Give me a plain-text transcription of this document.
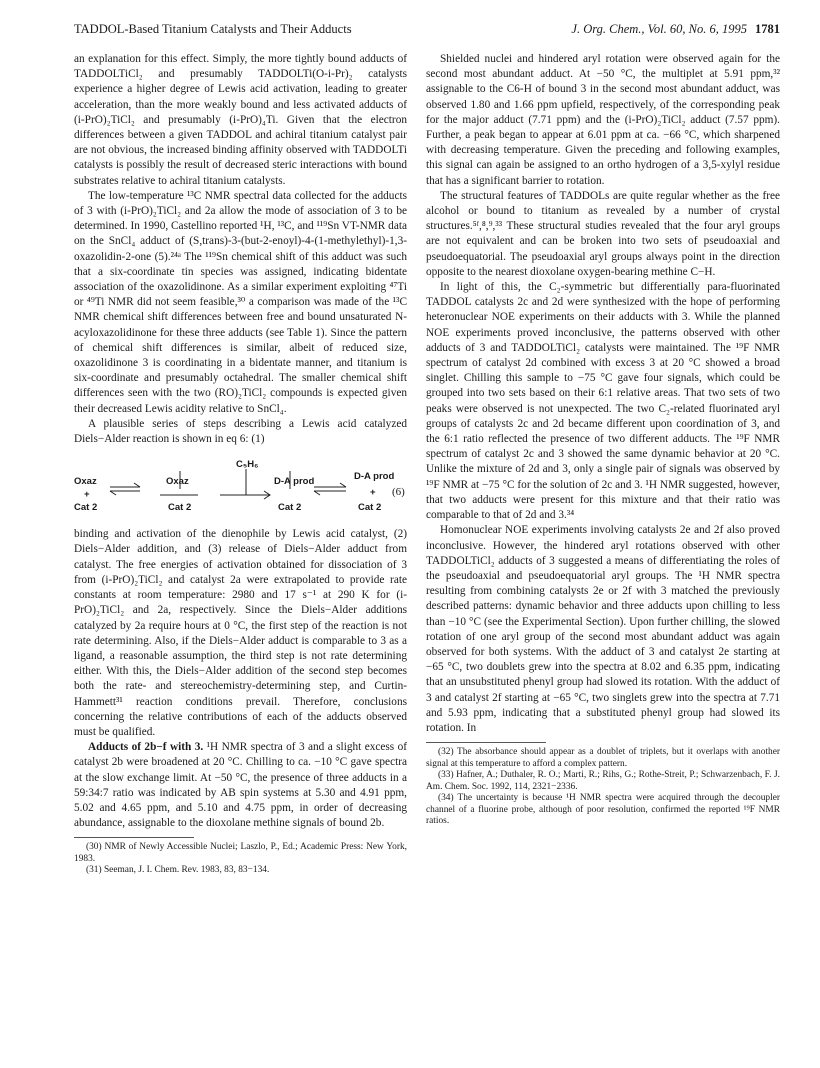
TADDOL-Based Titanium Catalysts and Their Adducts	J. Org. Chem., Vol. 60, No. 6, 1995 1781

an explanation for this effect. Simply, the more tightly bound adducts of TADDOLTiCl₂ and presumably TADDOLTi(O-i-Pr)₂ catalysts experience a higher degree of Lewis acid activation, leading to greater acceleration, than the more weakly bound and less activated adducts of (i-PrO)₂TiCl₂ and presumably (i-PrO)₄Ti. Given that the electron differences between a given TADDOL and achiral titanium catalyst pair are not obvious, the increased binding affinity observed with TADDOLTi catalysts is possibly the result of decreased steric interactions with bound substrates relative to achiral titanium catalysts.

The low-temperature ¹³C NMR spectral data collected for the adducts of 3 with (i-PrO)₂TiCl₂ and 2a allow the mode of association of 3 to be determined. In 1990, Castellino reported ¹H, ¹³C, and ¹¹⁹Sn VT-NMR data on the SnCl₄ adduct of (S,trans)-3-(but-2-enoyl)-4-(1-methylethyl)-1,3-oxazolidin-2-one (5).²⁴ᵃ The ¹¹⁹Sn chemical shift of this adduct was such that a six-coordinate tin species was assigned, indicating bidentate association of the oxazolidinone. As a similar experiment exploiting ⁴⁷Ti or ⁴⁹Ti NMR did not seem feasible,³⁰ a comparison was made of the ¹³C NMR chemical shift differences between free and bound unsaturated N-acyloxazolidinone for these three adducts (see Table 1). Since the pattern of chemical shift differences is similar, albeit of reduced size, oxazolidinone 3 is coordinating in a bidentate manner, and titanium is six-coordinate and presumably octahedral. The smaller chemical shift differences seen with the two (RO)₂TiCl₂ compounds is expected given their decreased Lewis acidity relative to SnCl₄.

A plausible series of steps describing a Lewis acid catalyzed Diels−Alder reaction is shown in eq 6: (1)

Oxaz
+
Cat 2
Oxaz
Cat 2
C₅H₆
D-A prod
Cat 2
D-A prod
+
Cat 2
(6)

binding and activation of the dienophile by Lewis acid catalyst, (2) Diels−Alder addition, and (3) release of Diels−Alder adduct from catalyst. The free energies of activation obtained for dissociation of 3 from (i-PrO)₂TiCl₂ and catalyst 2a were extrapolated to provide rate constants at room temperature: 2980 and 17 s⁻¹ at 290 K for (i-PrO)₂TiCl₂ and 2a, respectively. Since the Diels−Alder additions catalyzed by 2a require hours at 0 °C, the first step of the reaction is not rate determining. Also, if the Diels−Alder adduct is comparable to 3 as a ligand, a reasonable assumption, the third step is not rate determining either. With this, the Diels−Alder addition of the second step becomes both the rate- and stereochemistry-determining step, and Curtin-Hammett³¹ reaction conditions prevail. Therefore, conclusions concerning the relative contributions of each of the adducts observed must be qualified.

Adducts of 2b−f with 3. ¹H NMR spectra of 3 and a slight excess of catalyst 2b were broadened at 20 °C. Chilling to ca. −10 °C gave spectra at the slow exchange limit. At −50 °C, the presence of three adducts in a 59:34:7 ratio was indicated by AB spin systems at 5.30 and 4.91 ppm, 5.02 and 4.65 ppm, and 5.10 and 4.75 ppm, in order of decreasing abundance, assignable to the dioxolane methine signals of bound 2b.

(30) NMR of Newly Accessible Nuclei; Laszlo, P., Ed.; Academic Press: New York, 1983.

(31) Seeman, J. I. Chem. Rev. 1983, 83, 83−134.

Shielded nuclei and hindered aryl rotation were observed again for the second most abundant adduct. At −50 °C, the multiplet at 5.91 ppm,³² assignable to the C6-H of bound 3 in the second most abundant adduct, was observed 1.80 and 1.66 ppm upfield, respectively, of the corresponding peak for the major adduct (7.71 ppm) and the (i-PrO)₂TiCl₂ adduct (7.57 ppm). Further, a peak began to appear at 6.01 ppm at ca. −66 °C, which sharpened with decreasing temperature. Given the preceding and following examples, this signal can again be assigned to an ortho hydrogen of a 3,5-xylyl residue that has a significant barrier to rotation.

The structural features of TADDOLs are quite regular whether as the free alcohol or bound to titanium as revealed by a number of crystal structures.⁵ᶠ,⁸,⁹,³³ These structural studies revealed that the four aryl groups are not equivalent and can be broken into two sets of pseudoaxial and pseudoequatorial. The pseudoaxial aryl groups always point in the direction opposite to the nearest dioxolane oxygen-bearing methine C−H.

In light of this, the C₂-symmetric but differentially para-fluorinated TADDOL catalysts 2c and 2d were synthesized with the hope of performing heteronuclear NOE experiments on their adducts with 3. While the planned NOE experiments proved inconclusive, the patterns observed with other adducts of 3 and TADDOLTiCl₂ catalysts were maintained. The ¹⁹F NMR spectrum of catalyst 2d combined with excess 3 at 20 °C showed a broad singlet. Chilling this sample to −75 °C gave four signals, which could be grouped into two sets based on their 6:1 relative areas. That two sets of two peaks were observed is not unexpected. The two C₂-related fluorinated aryl groups of catalysts 2c and 2d became different upon coordination of 3, and the 6:1 ratio reflected the presence of two different adducts. The ¹⁹F NMR spectrum of catalyst 2c and 3 showed the same dynamic behavior at 20 °C. Unlike the mixture of 2d and 3, only a single pair of signals was observed by ¹⁹F NMR at −75 °C for the solution of 2c and 3. ¹H NMR suggested, however, that two adducts were present for this mixture and that their ratio was comparable to that of 2d and 3.³⁴

Homonuclear NOE experiments involving catalysts 2e and 2f also proved inconclusive. However, the hindered aryl rotations observed with other TADDOLTiCl₂ adducts of 3 suggested a means of differentiating the roles of the pseudoaxial and pseudoequatorial aryl groups. The ¹H NMR spectra resulting from combining catalysts 2e or 2f with 3 matched the previously described patterns: dynamic behavior and three adducts upon chilling to less than −10 °C (see the Experimental Section). Upon further chilling, the slowed rotation of one aryl group of the second most abundant adduct was again observed for both systems. With the adduct of 3 and catalyst 2e starting at −65 °C, two doublets grew into the spectra at 8.02 and 6.35 ppm, indicating that an unsubstituted phenyl group had slowed its rotation. With the adduct of 3 and catalyst 2f starting at −65 °C, two singlets grew into the spectra at 7.71 and 5.93 ppm, indicating that a substituted phenyl group had slowed its rotation. In

(32) The absorbance should appear as a doublet of triplets, but it overlaps with another signal at this temperature to afford a complex pattern.

(33) Hafner, A.; Duthaler, R. O.; Marti, R.; Rihs, G.; Rothe-Streit, P.; Schwarzenbach, F. J. Am. Chem. Soc. 1992, 114, 2321−2336.

(34) The uncertainty is because ¹H NMR spectra were acquired through the decoupler channel of a fluorine probe, although of poor resolution, confirmed the reported ¹⁹F NMR ratios.
